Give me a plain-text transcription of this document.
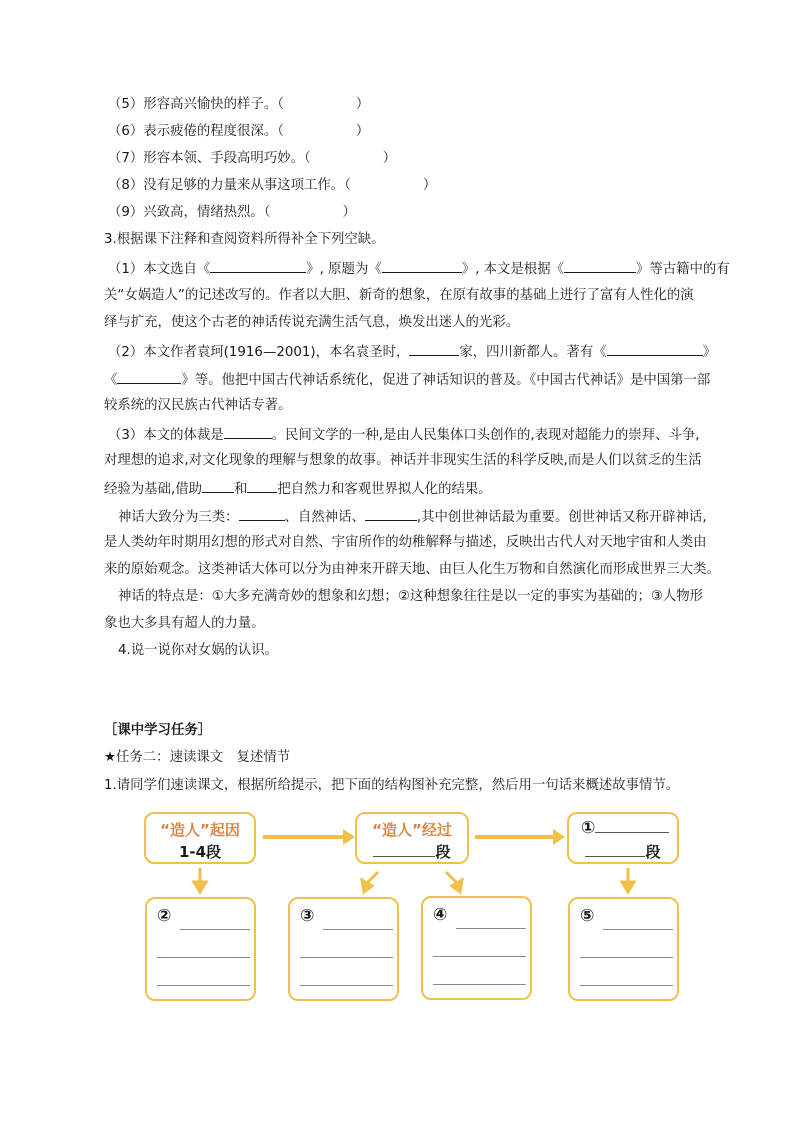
（5）形容高兴愉快的样子。（	）
（6）表示疲倦的程度很深。（	）
（7）形容本领、手段高明巧妙。（	）
（8）没有足够的力量来从事这项工作。（	）
（9）兴致高，情绪热烈。（	）
3.根据课下注释和查阅资料所得补全下列空缺。
（1）本文选自《	》, 原题为《	》, 本文是根据《	》等古籍中的有
关“女娲造人”的记述改写的。作者以大胆、新奇的想象，在原有故事的基础上进行了富有人性化的演
绎与扩充，使这个古老的神话传说充满生活气息，焕发出迷人的光彩。
（2）本文作者袁珂(1916—2001)，本名袁圣时，	家，四川新都人。著有《	》
《	》等。他把中国古代神话系统化，促进了神话知识的普及。《中国古代神话》是中国第一部
较系统的汉民族古代神话专著。
（3）本文的体裁是	。民间文学的一种,是由人民集体口头创作的,表现对超能力的崇拜、斗争,
对理想的追求,对文化现象的理解与想象的故事。神话并非现实生活的科学反映,而是人们以贫乏的生活
经验为基础,借助 和 把自然力和客观世界拟人化的结果。
神话大致分为三类：	、自然神话、	,其中创世神话最为重要。创世神话又称开辟神话,
是人类幼年时期用幻想的形式对自然、宇宙所作的幼稚解释与描述，反映出古代人对天地宇宙和人类由
来的原始观念。这类神话大体可以分为由神来开辟天地、由巨人化生万物和自然演化而形成世界三大类。
神话的特点是：①大多充满奇妙的想象和幻想；②这种想象往往是以一定的事实为基础的；③人物形
象也大多具有超人的力量。
4.说一说你对女娲的认识。
［课中学习任务］
★任务二：速读课文　复述情节
1.请同学们速读课文，根据所给提示，把下面的结构图补充完整，然后用一句话来概述故事情节。
“造人”起因
1-4段
“造人”经过
段
①
段
②	③	④	⑤
